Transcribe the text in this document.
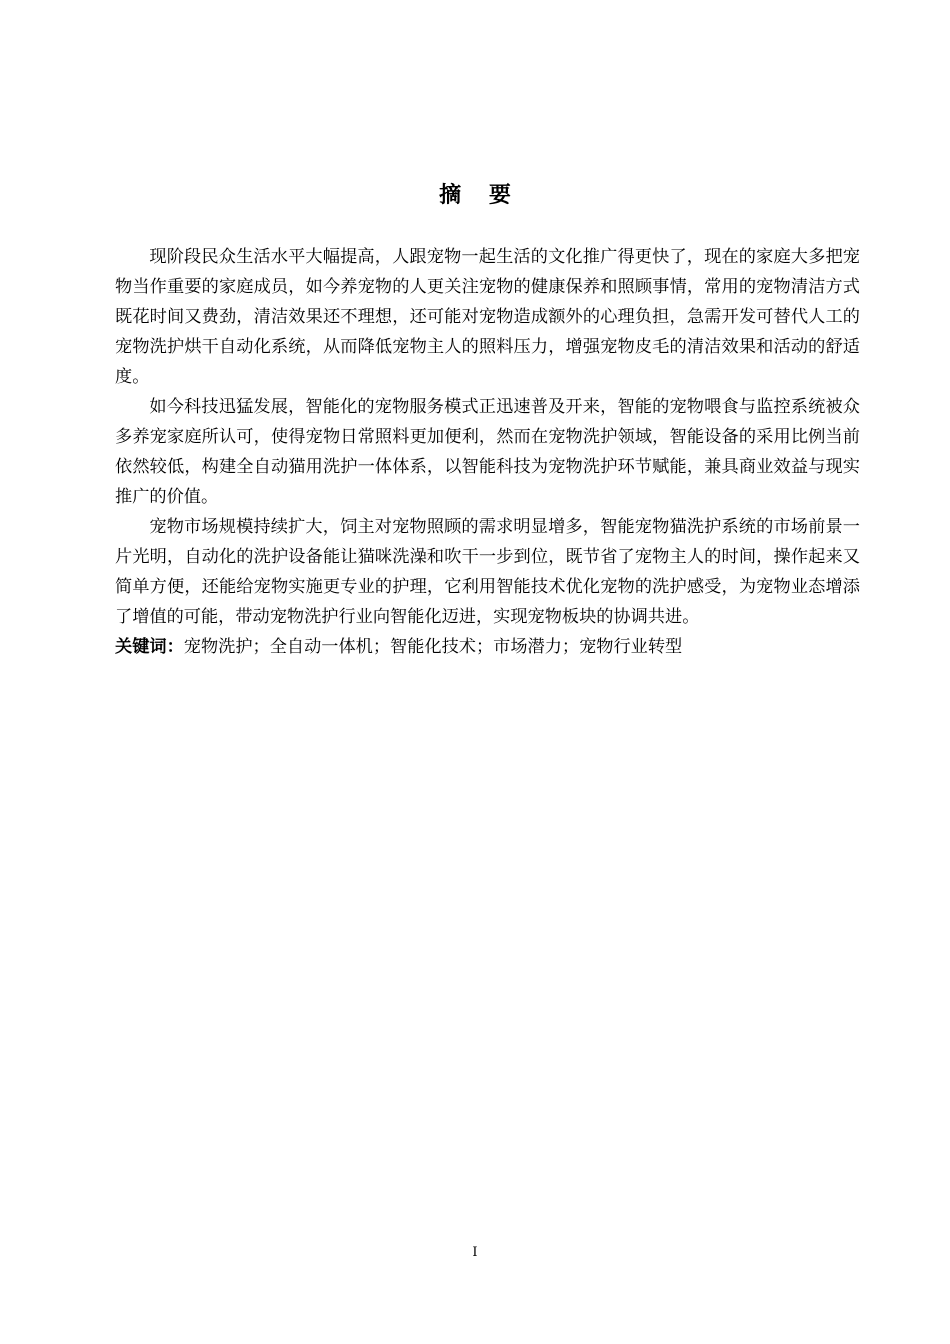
摘 要

现阶段民众生活水平大幅提高，人跟宠物一起生活的文化推广得更快了，现在的家庭大多把宠物当作重要的家庭成员，如今养宠物的人更关注宠物的健康保养和照顾事情，常用的宠物清洁方式既花时间又费劲，清洁效果还不理想，还可能对宠物造成额外的心理负担，急需开发可替代人工的宠物洗护烘干自动化系统，从而降低宠物主人的照料压力，增强宠物皮毛的清洁效果和活动的舒适度。

如今科技迅猛发展，智能化的宠物服务模式正迅速普及开来，智能的宠物喂食与监控系统被众多养宠家庭所认可，使得宠物日常照料更加便利，然而在宠物洗护领域，智能设备的采用比例当前依然较低，构建全自动猫用洗护一体体系，以智能科技为宠物洗护环节赋能，兼具商业效益与现实推广的价值。

宠物市场规模持续扩大，饲主对宠物照顾的需求明显增多，智能宠物猫洗护系统的市场前景一片光明，自动化的洗护设备能让猫咪洗澡和吹干一步到位，既节省了宠物主人的时间，操作起来又简单方便，还能给宠物实施更专业的护理，它利用智能技术优化宠物的洗护感受，为宠物业态增添了增值的可能，带动宠物洗护行业向智能化迈进，实现宠物板块的协调共进。

关键词：宠物洗护；全自动一体机；智能化技术；市场潜力；宠物行业转型

I
